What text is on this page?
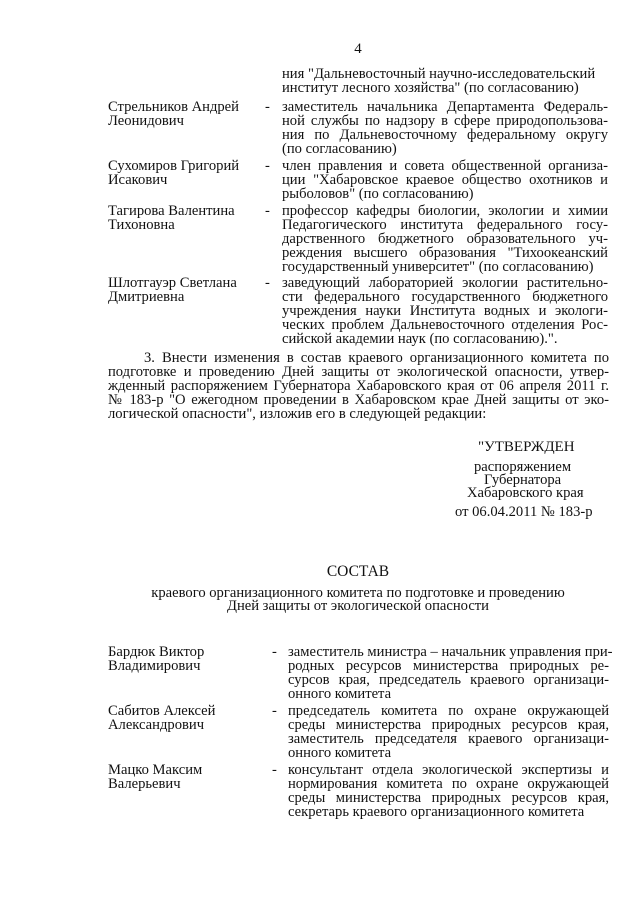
4
ния "Дальневосточный научно-исследовательский
институт лесного хозяйства" (по согласованию)
Стрельников Андрей
Леонидович
- заместитель начальника Департамента Федераль-
ной службы по надзору в сфере природопользова-
ния по Дальневосточному федеральному округу
(по согласованию)
Сухомиров Григорий
Исакович
- член правления и совета общественной организа-
ции "Хабаровское краевое общество охотников и
рыболовов" (по согласованию)
Тагирова Валентина
Тихоновна
- профессор кафедры биологии, экологии и химии
Педагогического института федерального госу-
дарственного бюджетного образовательного уч-
реждения высшего образования "Тихоокеанский
государственный университет" (по согласованию)
Шлотгауэр Светлана
Дмитриевна
- заведующий лабораторией экологии растительно-
сти федерального государственного бюджетного
учреждения науки Института водных и экологи-
ческих проблем Дальневосточного отделения Рос-
сийской академии наук (по согласованию).".
3. Внести изменения в состав краевого организационного комитета по
подготовке и проведению Дней защиты от экологической опасности, утвер-
жденный распоряжением Губернатора Хабаровского края от 06 апреля 2011 г.
№ 183-р "О ежегодном проведении в Хабаровском крае Дней защиты от эко-
логической опасности", изложив его в следующей редакции:
"УТВЕРЖДЕН
распоряжением
Губернатора
Хабаровского края
от 06.04.2011 № 183-р
СОСТАВ
краевого организационного комитета по подготовке и проведению
Дней защиты от экологической опасности
Бардюк Виктор
Владимирович
- заместитель министра – начальник управления при-
родных ресурсов министерства природных ре-
сурсов края, председатель краевого организаци-
онного комитета
Сабитов Алексей
Александрович
- председатель комитета по охране окружающей
среды министерства природных ресурсов края,
заместитель председателя краевого организаци-
онного комитета
Мацко Максим
Валерьевич
- консультант отдела экологической экспертизы и
нормирования комитета по охране окружающей
среды министерства природных ресурсов края,
секретарь краевого организационного комитета
